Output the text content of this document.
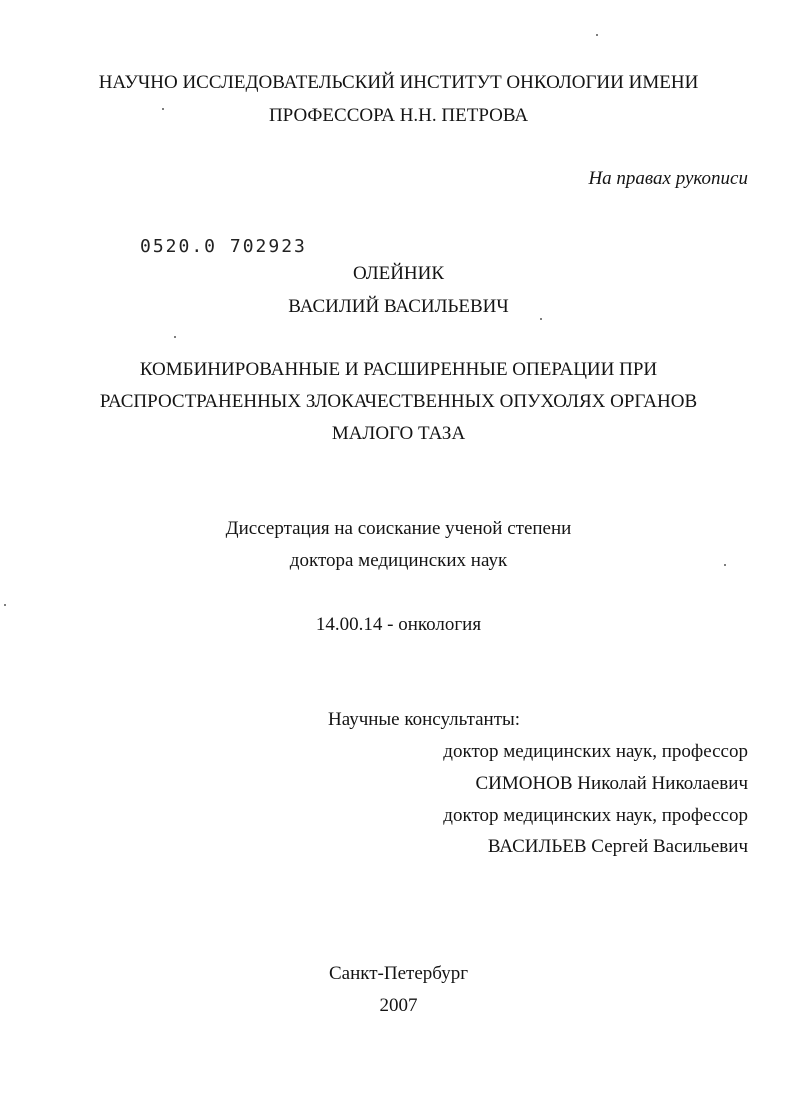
НАУЧНО ИССЛЕДОВАТЕЛЬСКИЙ ИНСТИТУТ ОНКОЛОГИИ ИМЕНИ
ПРОФЕССОРА Н.Н. ПЕТРОВА
На правах рукописи
0520.0 702923
ОЛЕЙНИК
ВАСИЛИЙ ВАСИЛЬЕВИЧ
КОМБИНИРОВАННЫЕ И РАСШИРЕННЫЕ ОПЕРАЦИИ ПРИ
РАСПРОСТРАНЕННЫХ ЗЛОКАЧЕСТВЕННЫХ ОПУХОЛЯХ ОРГАНОВ
МАЛОГО ТАЗА
Диссертация на соискание ученой степени
доктора медицинских наук
14.00.14 - онкология
Научные консультанты:
доктор медицинских наук, профессор
СИМОНОВ Николай Николаевич
доктор медицинских наук, профессор
ВАСИЛЬЕВ Сергей Васильевич
Санкт-Петербург
2007
